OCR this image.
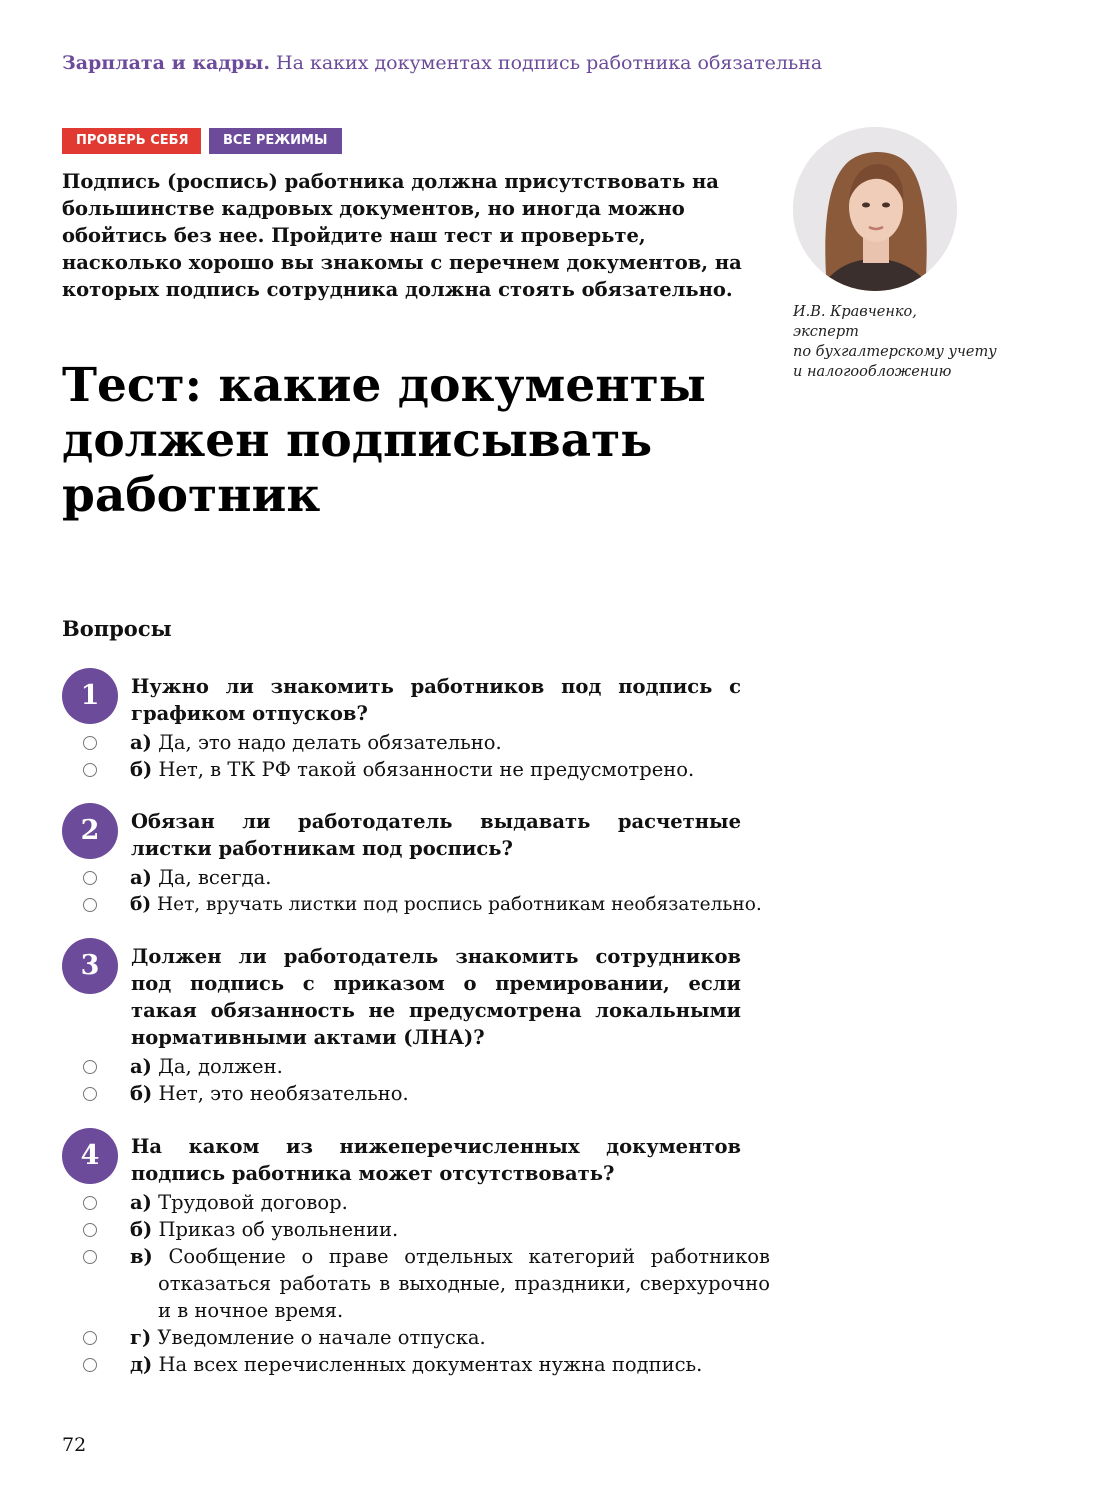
Зарплата и кадры. На каких документах подпись работника обязательна
ПРОВЕРЬ СЕБЯ	ВСЕ РЕЖИМЫ
Подпись (роспись) работника должна присутствовать на большинстве кадровых документов, но иногда можно обойтись без нее. Пройдите наш тест и проверьте, насколько хорошо вы знакомы с перечнем документов, на которых подпись сотрудника должна стоять обязательно.
Тест: какие документы должен подписывать работник
И.В. Кравченко,
эксперт
по бухгалтерскому учету
и налогообложению
Вопросы
1	Нужно ли знакомить работников под подпись с графиком отпусков?
а) Да, это надо делать обязательно.
б) Нет, в ТК РФ такой обязанности не предусмотрено.
2	Обязан ли работодатель выдавать расчетные листки работникам под роспись?
а) Да, всегда.
б) Нет, вручать листки под роспись работникам необязательно.
3	Должен ли работодатель знакомить сотрудников под подпись с приказом о премировании, если такая обязанность не предусмотрена локальными нормативными актами (ЛНА)?
а) Да, должен.
б) Нет, это необязательно.
4	На каком из нижеперечисленных документов подпись работника может отсутствовать?
а) Трудовой договор.
б) Приказ об увольнении.
в) Сообщение о праве отдельных категорий работников отказаться работать в выходные, праздники, сверхурочно и в ночное время.
г) Уведомление о начале отпуска.
д) На всех перечисленных документах нужна подпись.
72
